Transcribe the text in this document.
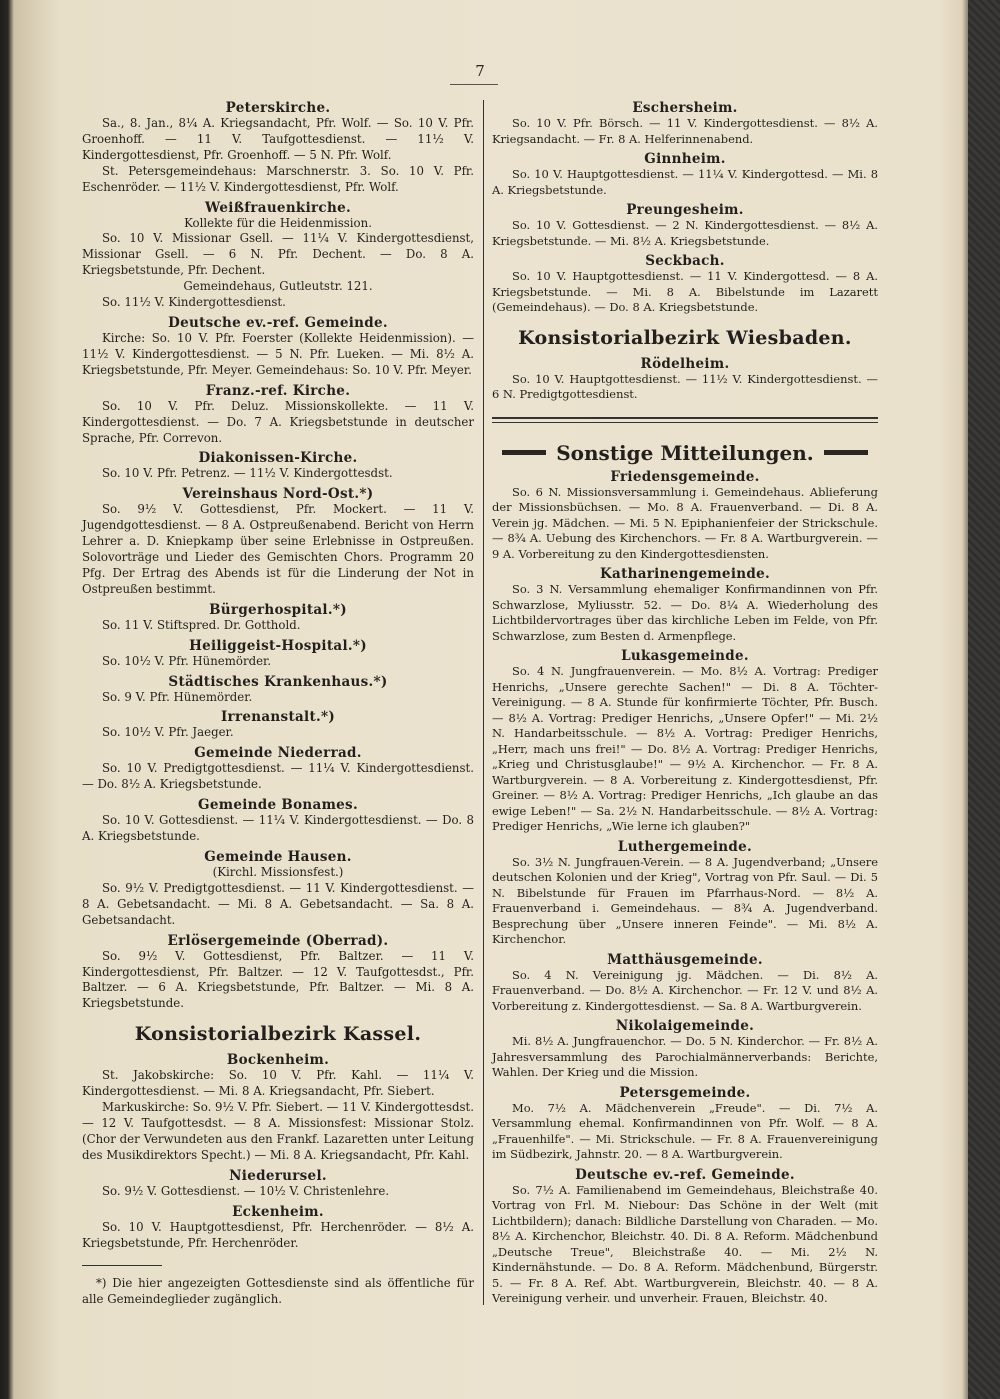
7
Peterskirche.

Sa., 8. Jan., 8¼ A. Kriegsandacht, Pfr. Wolf. — So. 10 V. Pfr. Groenhoff. — 11 V. Taufgottesdienst. — 11½ V. Kindergottesdienst, Pfr. Groenhoff. — 5 N. Pfr. Wolf.

St. Petersgemeindehaus: Marschnerstr. 3. So. 10 V. Pfr. Eschenröder. — 11½ V. Kindergottesdienst, Pfr. Wolf.

Weißfrauenkirche.
Kollekte für die Heidenmission.

So. 10 V. Missionar Gsell. — 11¼ V. Kindergottesdienst, Missionar Gsell. — 6 N. Pfr. Dechent. — Do. 8 A. Kriegsbetstunde, Pfr. Dechent.

Gemeindehaus, Gutleutstr. 121.

So. 11½ V. Kindergottesdienst.

Deutsche ev.-ref. Gemeinde.

Kirche: So. 10 V. Pfr. Foerster (Kollekte Heidenmission). — 11½ V. Kindergottesdienst. — 5 N. Pfr. Lueken. — Mi. 8½ A. Kriegsbetstunde, Pfr. Meyer. Gemeindehaus: So. 10 V. Pfr. Meyer.

Franz.-ref. Kirche.

So. 10 V. Pfr. Deluz. Missionskollekte. — 11 V. Kindergottesdienst. — Do. 7 A. Kriegsbetstunde in deutscher Sprache, Pfr. Correvon.

Diakonissen-Kirche.

So. 10 V. Pfr. Petrenz. — 11½ V. Kindergottesdst.

Vereinshaus Nord-Ost.*)

So. 9½ V. Gottesdienst, Pfr. Mockert. — 11 V. Jugendgottesdienst. — 8 A. Ostpreußenabend. Bericht von Herrn Lehrer a. D. Kniepkamp über seine Erlebnisse in Ostpreußen. Solovorträge und Lieder des Gemischten Chors. Programm 20 Pfg. Der Ertrag des Abends ist für die Linderung der Not in Ostpreußen bestimmt.

Bürgerhospital.*)

So. 11 V. Stiftspred. Dr. Gotthold.

Heiliggeist-Hospital.*)

So. 10½ V. Pfr. Hünemörder.

Städtisches Krankenhaus.*)

So. 9 V. Pfr. Hünemörder.

Irrenanstalt.*)

So. 10½ V. Pfr. Jaeger.

Gemeinde Niederrad.

So. 10 V. Predigtgottesdienst. — 11¼ V. Kindergottesdienst. — Do. 8½ A. Kriegsbetstunde.

Gemeinde Bonames.

So. 10 V. Gottesdienst. — 11¼ V. Kindergottesdienst. — Do. 8 A. Kriegsbetstunde.

Gemeinde Hausen.
(Kirchl. Missionsfest.)

So. 9½ V. Predigtgottesdienst. — 11 V. Kindergottesdienst. — 8 A. Gebetsandacht. — Mi. 8 A. Gebetsandacht. — Sa. 8 A. Gebetsandacht.

Erlösergemeinde (Oberrad).

So. 9½ V. Gottesdienst, Pfr. Baltzer. — 11 V. Kindergottesdienst, Pfr. Baltzer. — 12 V. Taufgottesdst., Pfr. Baltzer. — 6 A. Kriegsbetstunde, Pfr. Baltzer. — Mi. 8 A. Kriegsbetstunde.

Konsistorialbezirk Kassel.
Bockenheim.

St. Jakobskirche: So. 10 V. Pfr. Kahl. — 11¼ V. Kindergottesdienst. — Mi. 8 A. Kriegsandacht, Pfr. Siebert.

Markuskirche: So. 9½ V. Pfr. Siebert. — 11 V. Kindergottesdst. — 12 V. Taufgottesdst. — 8 A. Missionsfest: Missionar Stolz. (Chor der Verwundeten aus den Frankf. Lazaretten unter Leitung des Musikdirektors Specht.) — Mi. 8 A. Kriegsandacht, Pfr. Kahl.

Niederursel.

So. 9½ V. Gottesdienst. — 10½ V. Christenlehre.

Eckenheim.

So. 10 V. Hauptgottesdienst, Pfr. Herchenröder. — 8½ A. Kriegsbetstunde, Pfr. Herchenröder.

*) Die hier angezeigten Gottesdienste sind als öffentliche für alle Gemeindeglieder zugänglich.

Eschersheim.

So. 10 V. Pfr. Börsch. — 11 V. Kindergottesdienst. — 8½ A. Kriegsandacht. — Fr. 8 A. Helferinnenabend.

Ginnheim.

So. 10 V. Hauptgottesdienst. — 11¼ V. Kindergottesd. — Mi. 8 A. Kriegsbetstunde.

Preungesheim.

So. 10 V. Gottesdienst. — 2 N. Kindergottesdienst. — 8½ A. Kriegsbetstunde. — Mi. 8½ A. Kriegsbetstunde.

Seckbach.

So. 10 V. Hauptgottesdienst. — 11 V. Kindergottesd. — 8 A. Kriegsbetstunde. — Mi. 8 A. Bibelstunde im Lazarett (Gemeindehaus). — Do. 8 A. Kriegsbetstunde.

Konsistorialbezirk Wiesbaden.
Rödelheim.

So. 10 V. Hauptgottesdienst. — 11½ V. Kindergottesdienst. — 6 N. Predigtgottesdienst.

Sonstige Mitteilungen.
Friedensgemeinde.

So. 6 N. Missionsversammlung i. Gemeindehaus. Ablieferung der Missionsbüchsen. — Mo. 8 A. Frauenverband. — Di. 8 A. Verein jg. Mädchen. — Mi. 5 N. Epiphanienfeier der Strickschule. — 8¾ A. Uebung des Kirchenchors. — Fr. 8 A. Wartburgverein. — 9 A. Vorbereitung zu den Kindergottesdiensten.

Katharinengemeinde.

So. 3 N. Versammlung ehemaliger Konfirmandinnen von Pfr. Schwarzlose, Myliusstr. 52. — Do. 8¼ A. Wiederholung des Lichtbildervortrages über das kirchliche Leben im Felde, von Pfr. Schwarzlose, zum Besten d. Armenpflege.

Lukasgemeinde.

So. 4 N. Jungfrauenverein. — Mo. 8½ A. Vortrag: Prediger Henrichs, „Unsere gerechte Sachen!" — Di. 8 A. Töchter-Vereinigung. — 8 A. Stunde für konfirmierte Töchter, Pfr. Busch. — 8½ A. Vortrag: Prediger Henrichs, „Unsere Opfer!" — Mi. 2½ N. Handarbeitsschule. — 8½ A. Vortrag: Prediger Henrichs, „Herr, mach uns frei!" — Do. 8½ A. Vortrag: Prediger Henrichs, „Krieg und Christusglaube!" — 9½ A. Kirchenchor. — Fr. 8 A. Wartburgverein. — 8 A. Vorbereitung z. Kindergottesdienst, Pfr. Greiner. — 8½ A. Vortrag: Prediger Henrichs, „Ich glaube an das ewige Leben!" — Sa. 2½ N. Handarbeitsschule. — 8½ A. Vortrag: Prediger Henrichs, „Wie lerne ich glauben?"

Luthergemeinde.

So. 3½ N. Jungfrauen-Verein. — 8 A. Jugendverband; „Unsere deutschen Kolonien und der Krieg", Vortrag von Pfr. Saul. — Di. 5 N. Bibelstunde für Frauen im Pfarrhaus-Nord. — 8½ A. Frauenverband i. Gemeindehaus. — 8¾ A. Jugendverband. Besprechung über „Unsere inneren Feinde". — Mi. 8½ A. Kirchenchor.

Matthäusgemeinde.

So. 4 N. Vereinigung jg. Mädchen. — Di. 8½ A. Frauenverband. — Do. 8½ A. Kirchenchor. — Fr. 12 V. und 8½ A. Vorbereitung z. Kindergottesdienst. — Sa. 8 A. Wartburgverein.

Nikolaigemeinde.

Mi. 8½ A. Jungfrauenchor. — Do. 5 N. Kinderchor. — Fr. 8½ A. Jahresversammlung des Parochialmännerverbands: Berichte, Wahlen. Der Krieg und die Mission.

Petersgemeinde.

Mo. 7½ A. Mädchenverein „Freude". — Di. 7½ A. Versammlung ehemal. Konfirmandinnen von Pfr. Wolf. — 8 A. „Frauenhilfe". — Mi. Strickschule. — Fr. 8 A. Frauenvereinigung im Südbezirk, Jahnstr. 20. — 8 A. Wartburgverein.

Deutsche ev.-ref. Gemeinde.

So. 7½ A. Familienabend im Gemeindehaus, Bleichstraße 40. Vortrag von Frl. M. Niebour: Das Schöne in der Welt (mit Lichtbildern); danach: Bildliche Darstellung von Charaden. — Mo. 8½ A. Kirchenchor, Bleichstr. 40. Di. 8 A. Reform. Mädchenbund „Deutsche Treue", Bleichstraße 40. — Mi. 2½ N. Kindernähstunde. — Do. 8 A. Reform. Mädchenbund, Bürgerstr. 5. — Fr. 8 A. Ref. Abt. Wartburgverein, Bleichstr. 40. — 8 A. Vereinigung verheir. und unverheir. Frauen, Bleichstr. 40.
